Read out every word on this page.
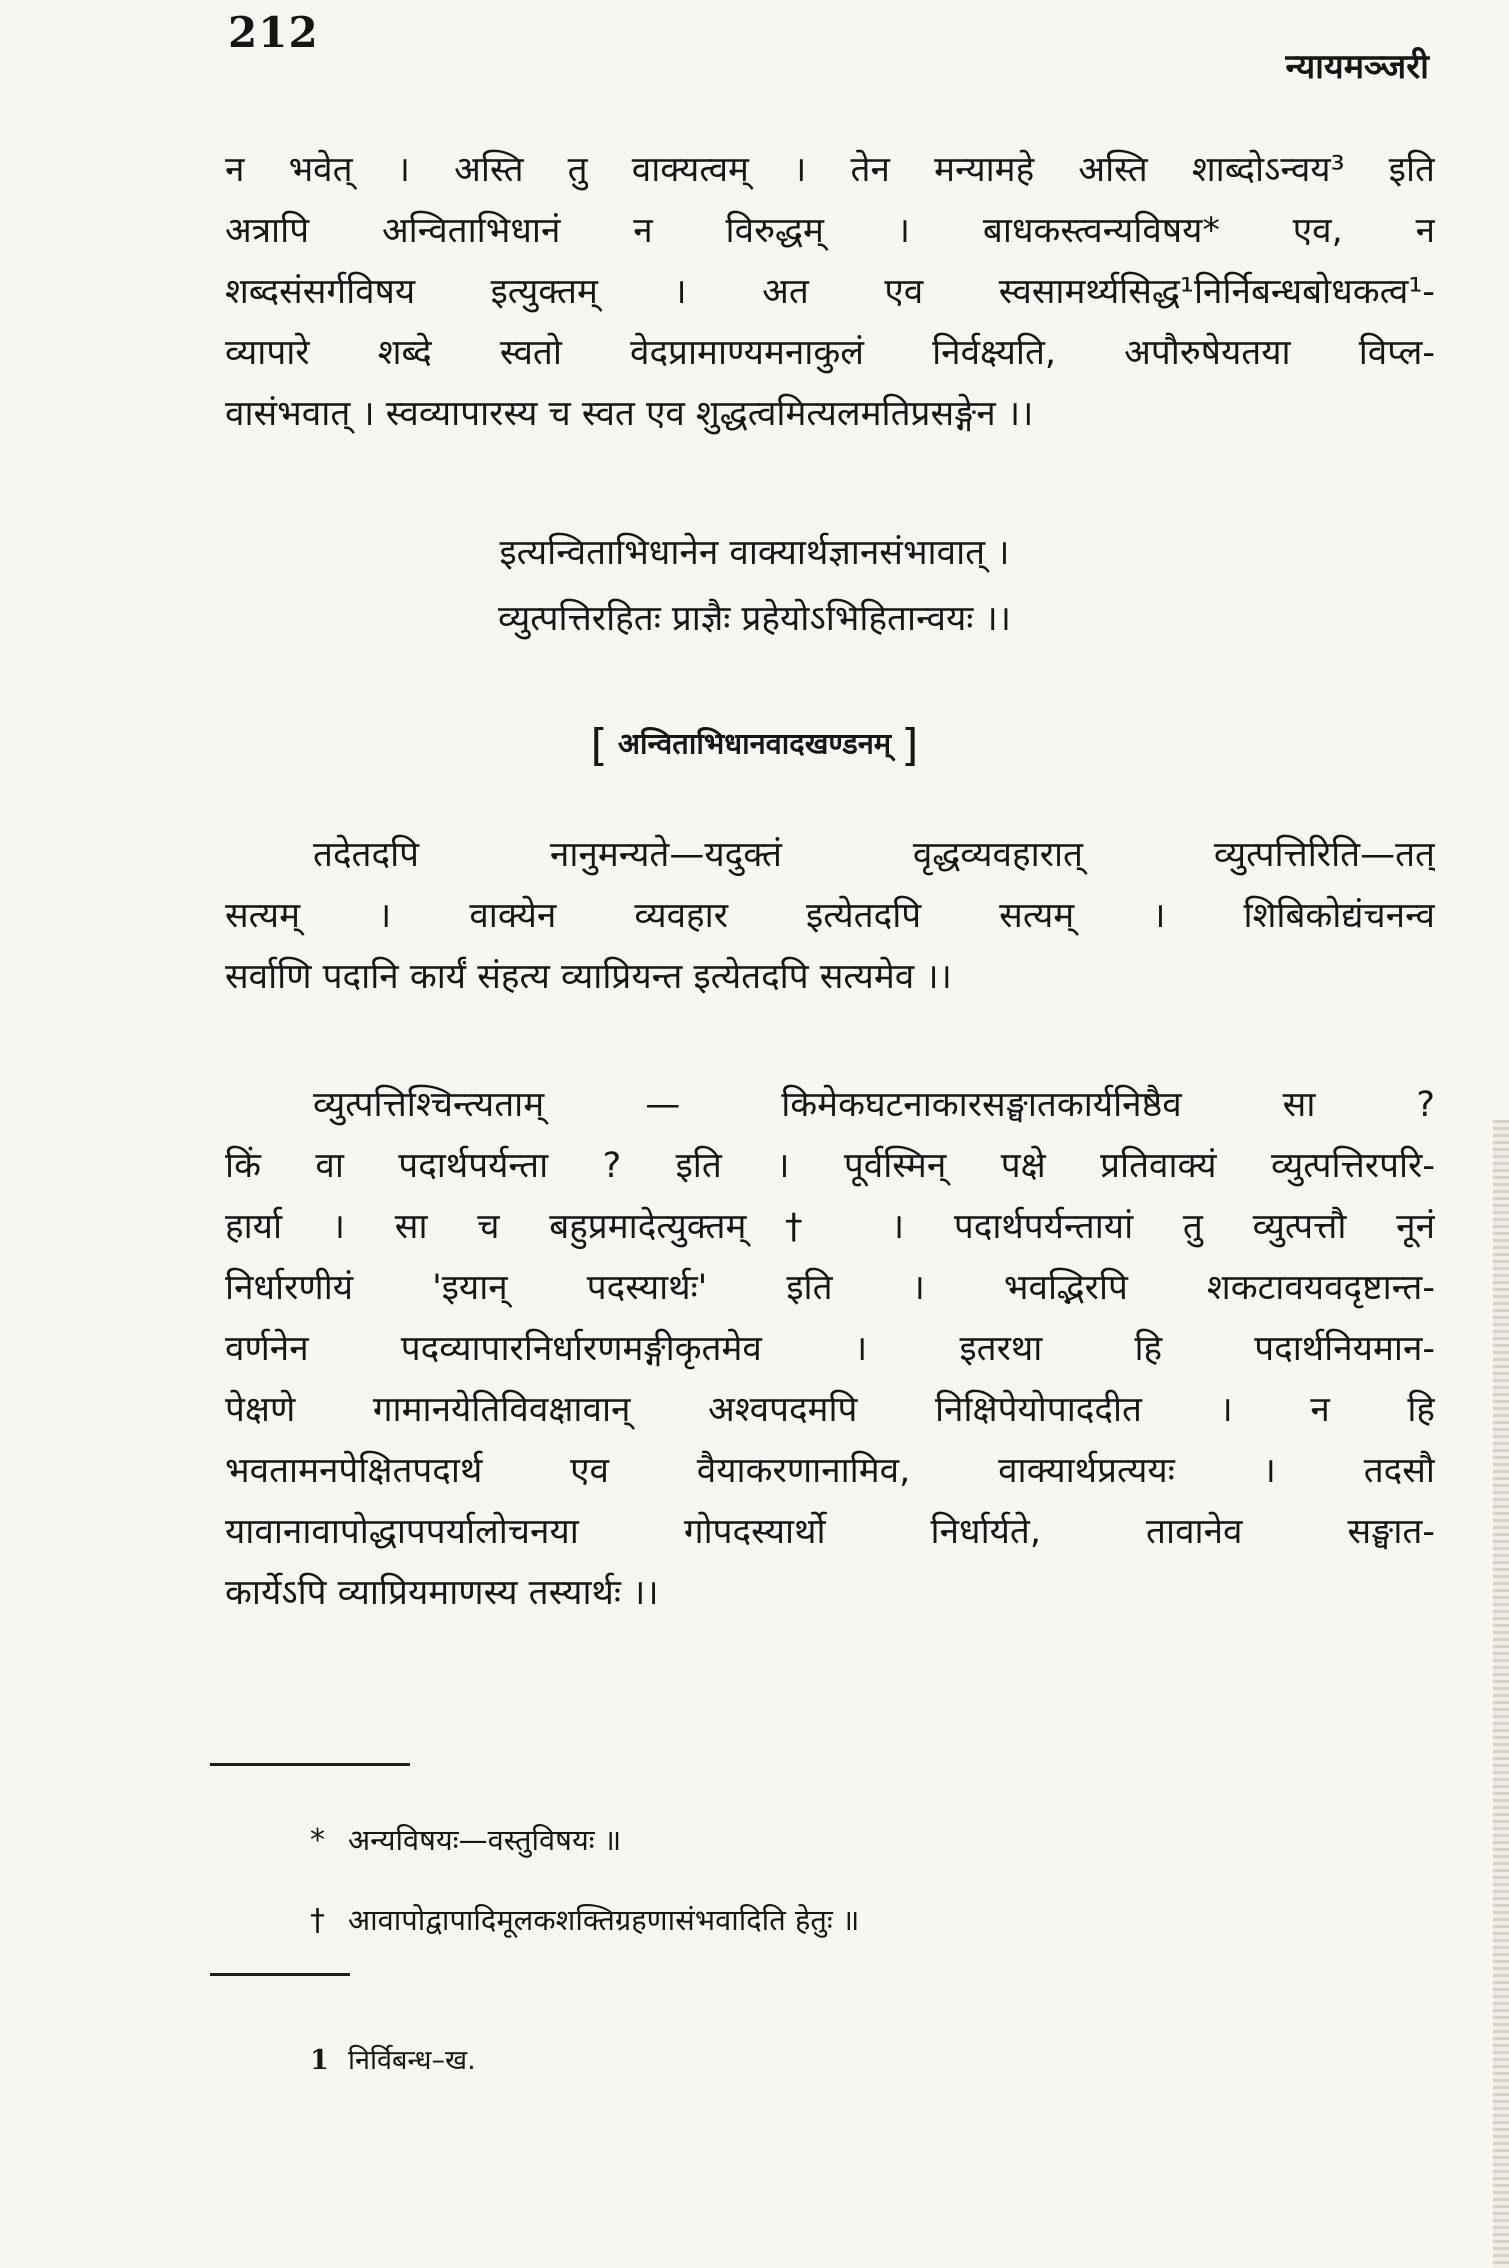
212
न्यायमञ्जरी
न भवेत् । अस्ति तु वाक्यत्वम् । तेन मन्यामहे अस्ति शाब्दोऽन्वय³ इति
अत्रापि अन्विताभिधानं न विरुद्धम् । बाधकस्त्वन्यविषय* एव, न
शब्दसंसर्गविषय इत्युक्तम् । अत एव स्वसामर्थ्यसिद्ध¹निर्निबन्धबोधकत्व¹-
व्यापारे शब्दे स्वतो वेदप्रामाण्यमनाकुलं निर्वक्ष्यति, अपौरुषेयतया विप्ल-
वासंभवात् । स्वव्यापारस्य च स्वत एव शुद्धत्वमित्यलमतिप्रसङ्गेन ।।
इत्यन्विताभिधानेन वाक्यार्थज्ञानसंभावात् ।
व्युत्पत्तिरहितः प्राज्ञैः प्रहेयोऽभिहितान्वयः ।।
[ अन्विताभिधानवादखण्डनम् ]
तदेतदपि नानुमन्यते—यदुक्तं वृद्धव्यवहारात् व्युत्पत्तिरिति—तत्
सत्यम् । वाक्येन व्यवहार इत्येतदपि सत्यम् । शिबिकोद्यंचनन्व
सर्वाणि पदानि कार्यं संहत्य व्याप्रियन्त इत्येतदपि सत्यमेव ।।
व्युत्पत्तिश्चिन्त्यताम् — किमेकघटनाकारसङ्घातकार्यनिष्ठैव सा ?
किं वा पदार्थपर्यन्ता ? इति । पूर्वस्मिन् पक्षे प्रतिवाक्यं व्युत्पत्तिरपरि-
हार्या । सा च बहुप्रमादेत्युक्तम्† । पदार्थपर्यन्तायां तु व्युत्पत्तौ नूनं
निर्धारणीयं 'इयान् पदस्यार्थः' इति । भवद्भिरपि शकटावयवदृष्टान्त-
वर्णनेन पदव्यापारनिर्धारणमङ्गीकृतमेव । इतरथा हि पदार्थनियमान-
पेक्षणे गामानयेतिविवक्षावान् अश्वपदमपि निक्षिपेयोपाददीत । न हि
भवतामनपेक्षितपदार्थ एव वैयाकरणानामिव, वाक्यार्थप्रत्ययः । तदसौ
यावानावापोद्धापपर्यालोचनया गोपदस्यार्थो निर्धार्यते, तावानेव सङ्घात-
कार्येऽपि व्याप्रियमाणस्य तस्यार्थः ।।
* अन्यविषयः—वस्तुविषयः ॥
† आवापोद्वापादिमूलकशक्तिग्रहणासंभवादिति हेतुः ॥
1 निर्विबन्ध–ख.
